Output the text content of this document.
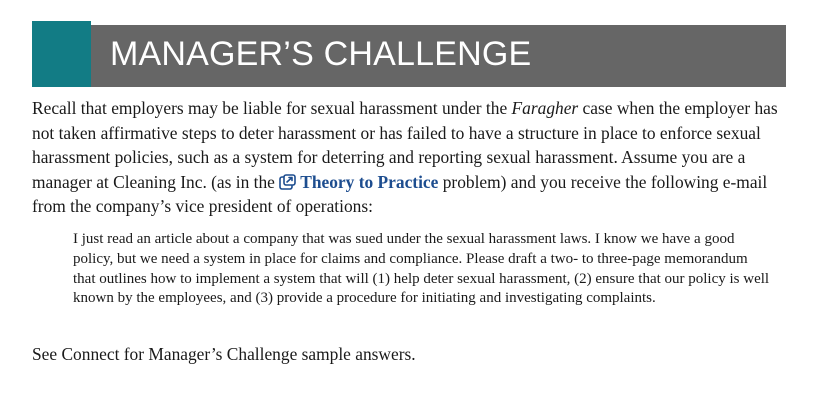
MANAGER’S CHALLENGE

Recall that employers may be liable for sexual harassment under the Faragher case when the employer has not taken affirmative steps to deter harassment or has failed to have a structure in place to enforce sexual harassment policies, such as a system for deterring and reporting sexual harassment. Assume you are a manager at Cleaning Inc. (as in the Theory to Practice problem) and you receive the following e-mail from the company’s vice president of operations:

I just read an article about a company that was sued under the sexual harassment laws. I know we have a good policy, but we need a system in place for claims and compliance. Please draft a two- to three-page memorandum that outlines how to implement a system that will (1) help deter sexual harassment, (2) ensure that our policy is well known by the employees, and (3) provide a procedure for initiating and investigating complaints.

See Connect for Manager’s Challenge sample answers.
